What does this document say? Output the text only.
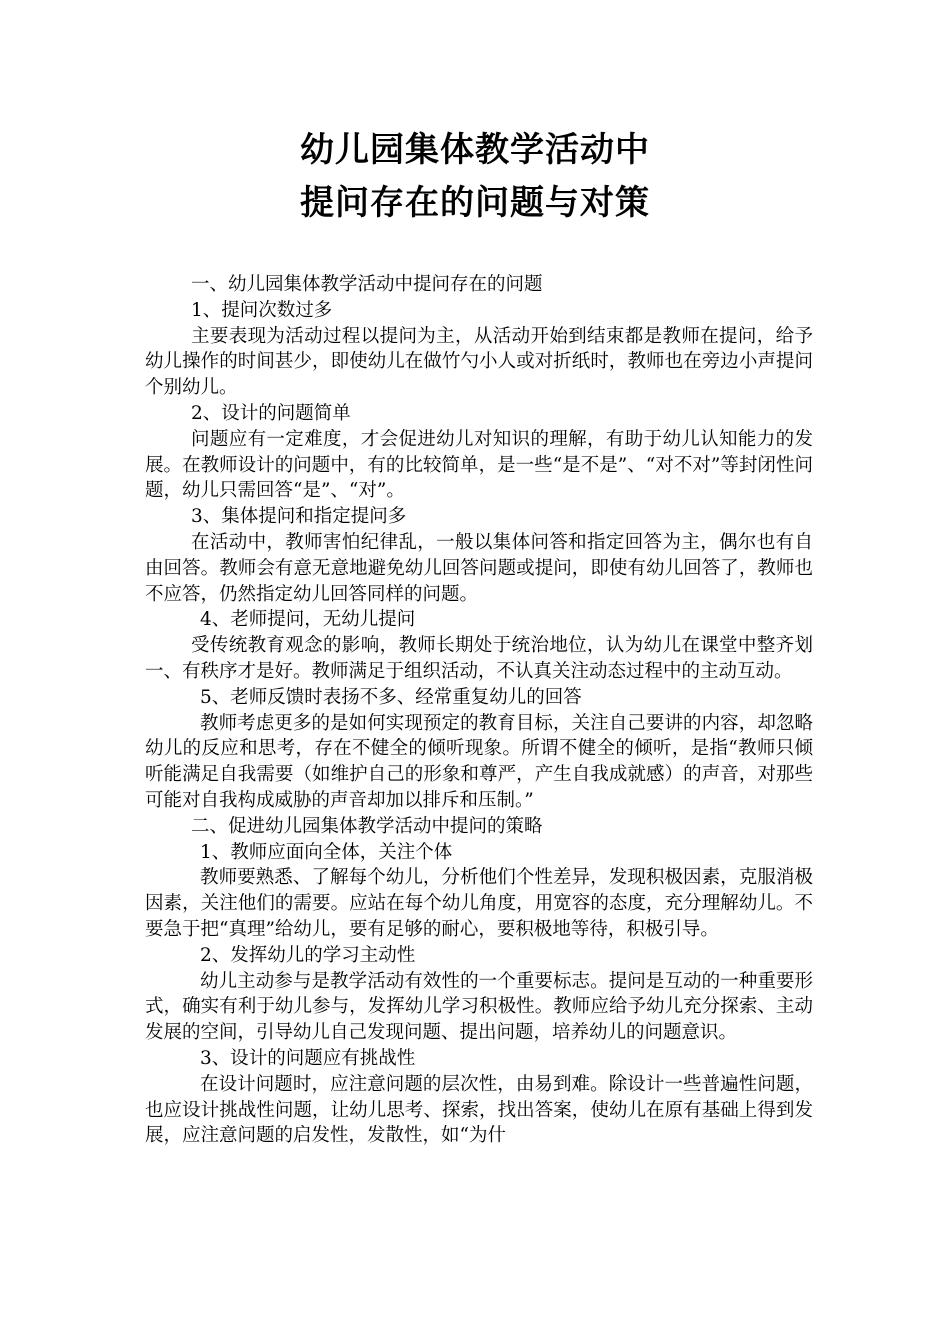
幼儿园集体教学活动中
提问存在的问题与对策

一、幼儿园集体教学活动中提问存在的问题

1、提问次数过多

主要表现为活动过程以提问为主，从活动开始到结束都是教师在提问，给予幼儿操作的时间甚少，即使幼儿在做竹勺小人或对折纸时，教师也在旁边小声提问个别幼儿。

2、设计的问题简单

问题应有一定难度，才会促进幼儿对知识的理解，有助于幼儿认知能力的发展。在教师设计的问题中，有的比较简单，是一些“是不是”、“对不对”等封闭性问题，幼儿只需回答“是”、“对”。

3、集体提问和指定提问多

在活动中，教师害怕纪律乱，一般以集体问答和指定回答为主，偶尔也有自由回答。教师会有意无意地避免幼儿回答问题或提问，即使有幼儿回答了，教师也不应答，仍然指定幼儿回答同样的问题。

4、老师提问，无幼儿提问

受传统教育观念的影响，教师长期处于统治地位，认为幼儿在课堂中整齐划一、有秩序才是好。教师满足于组织活动，不认真关注动态过程中的主动互动。

5、老师反馈时表扬不多、经常重复幼儿的回答

教师考虑更多的是如何实现预定的教育目标，关注自己要讲的内容，却忽略幼儿的反应和思考，存在不健全的倾听现象。所谓不健全的倾听，是指“教师只倾听能满足自我需要（如维护自己的形象和尊严，产生自我成就感）的声音，对那些可能对自我构成威胁的声音却加以排斥和压制。”

二、促进幼儿园集体教学活动中提问的策略

1、教师应面向全体，关注个体

教师要熟悉、了解每个幼儿，分析他们个性差异，发现积极因素，克服消极因素，关注他们的需要。应站在每个幼儿角度，用宽容的态度，充分理解幼儿。不要急于把“真理”给幼儿，要有足够的耐心，要积极地等待，积极引导。

2、发挥幼儿的学习主动性

幼儿主动参与是教学活动有效性的一个重要标志。提问是互动的一种重要形式，确实有利于幼儿参与，发挥幼儿学习积极性。教师应给予幼儿充分探索、主动发展的空间，引导幼儿自己发现问题、提出问题，培养幼儿的问题意识。

3、设计的问题应有挑战性

在设计问题时，应注意问题的层次性，由易到难。除设计一些普遍性问题，也应设计挑战性问题，让幼儿思考、探索，找出答案，使幼儿在原有基础上得到发展，应注意问题的启发性，发散性，如“为什
